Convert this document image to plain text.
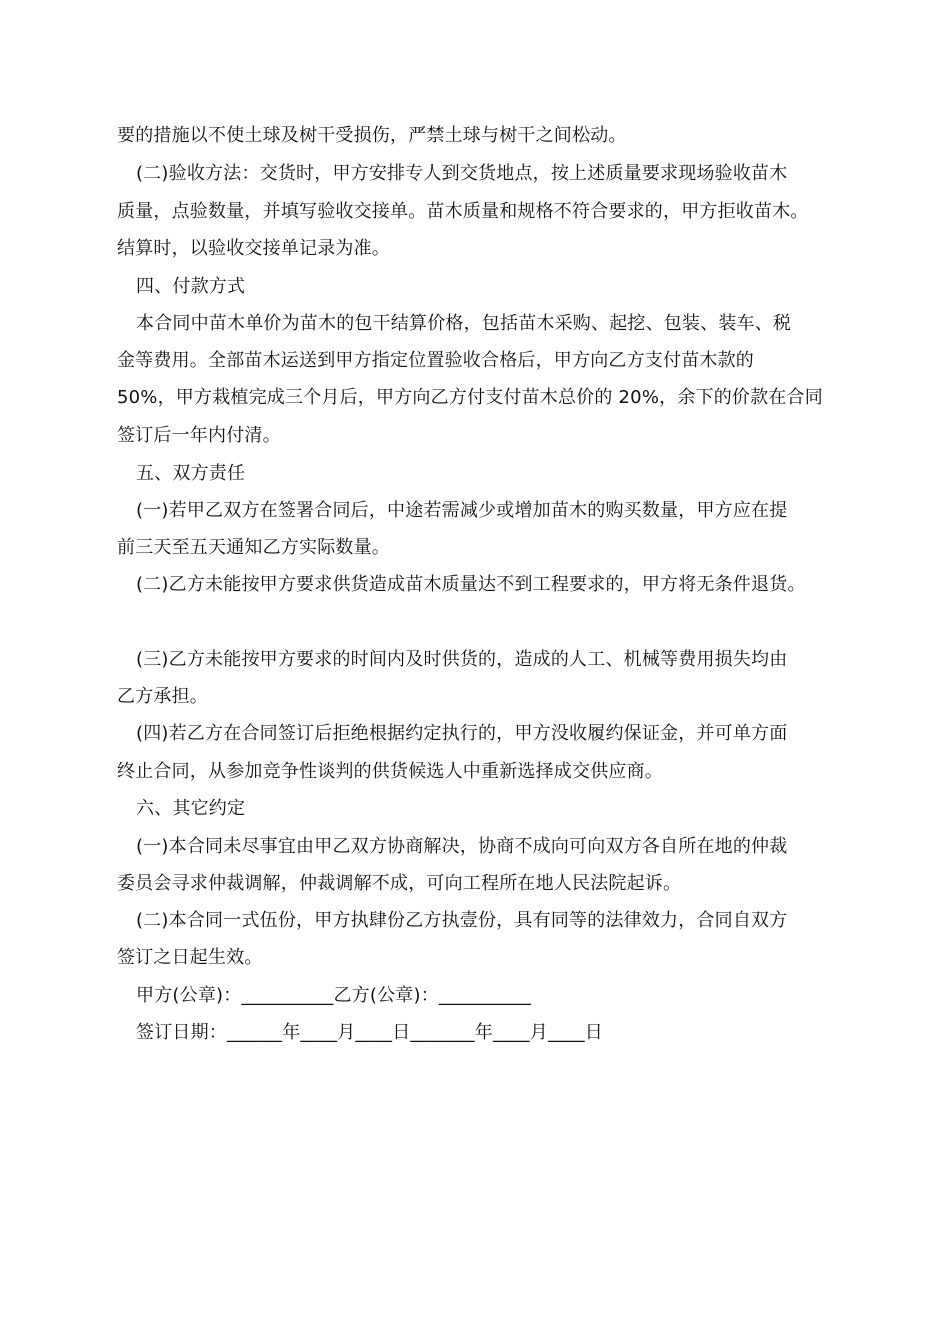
要的措施以不使土球及树干受损伤，严禁土球与树干之间松动。
(二)验收方法：交货时，甲方安排专人到交货地点，按上述质量要求现场验收苗木
质量，点验数量，并填写验收交接单。苗木质量和规格不符合要求的，甲方拒收苗木。
结算时，以验收交接单记录为准。
四、付款方式
本合同中苗木单价为苗木的包干结算价格，包括苗木采购、起挖、包装、装车、税
金等费用。全部苗木运送到甲方指定位置验收合格后，甲方向乙方支付苗木款的
50%，甲方栽植完成三个月后，甲方向乙方付支付苗木总价的 20%，余下的价款在合同
签订后一年内付清。
五、双方责任
(一)若甲乙双方在签署合同后，中途若需减少或增加苗木的购买数量，甲方应在提
前三天至五天通知乙方实际数量。
(二)乙方未能按甲方要求供货造成苗木质量达不到工程要求的，甲方将无条件退货。
(三)乙方未能按甲方要求的时间内及时供货的，造成的人工、机械等费用损失均由
乙方承担。
(四)若乙方在合同签订后拒绝根据约定执行的，甲方没收履约保证金，并可单方面
终止合同，从参加竞争性谈判的供货候选人中重新选择成交供应商。
六、其它约定
(一)本合同未尽事宜由甲乙双方协商解决，协商不成向可向双方各自所在地的仲裁
委员会寻求仲裁调解，仲裁调解不成，可向工程所在地人民法院起诉。
(二)本合同一式伍份，甲方执肆份乙方执壹份，具有同等的法律效力，合同自双方
签订之日起生效。
甲方(公章)：__________乙方(公章)：__________
签订日期：______年____月____日_______年____月____日
